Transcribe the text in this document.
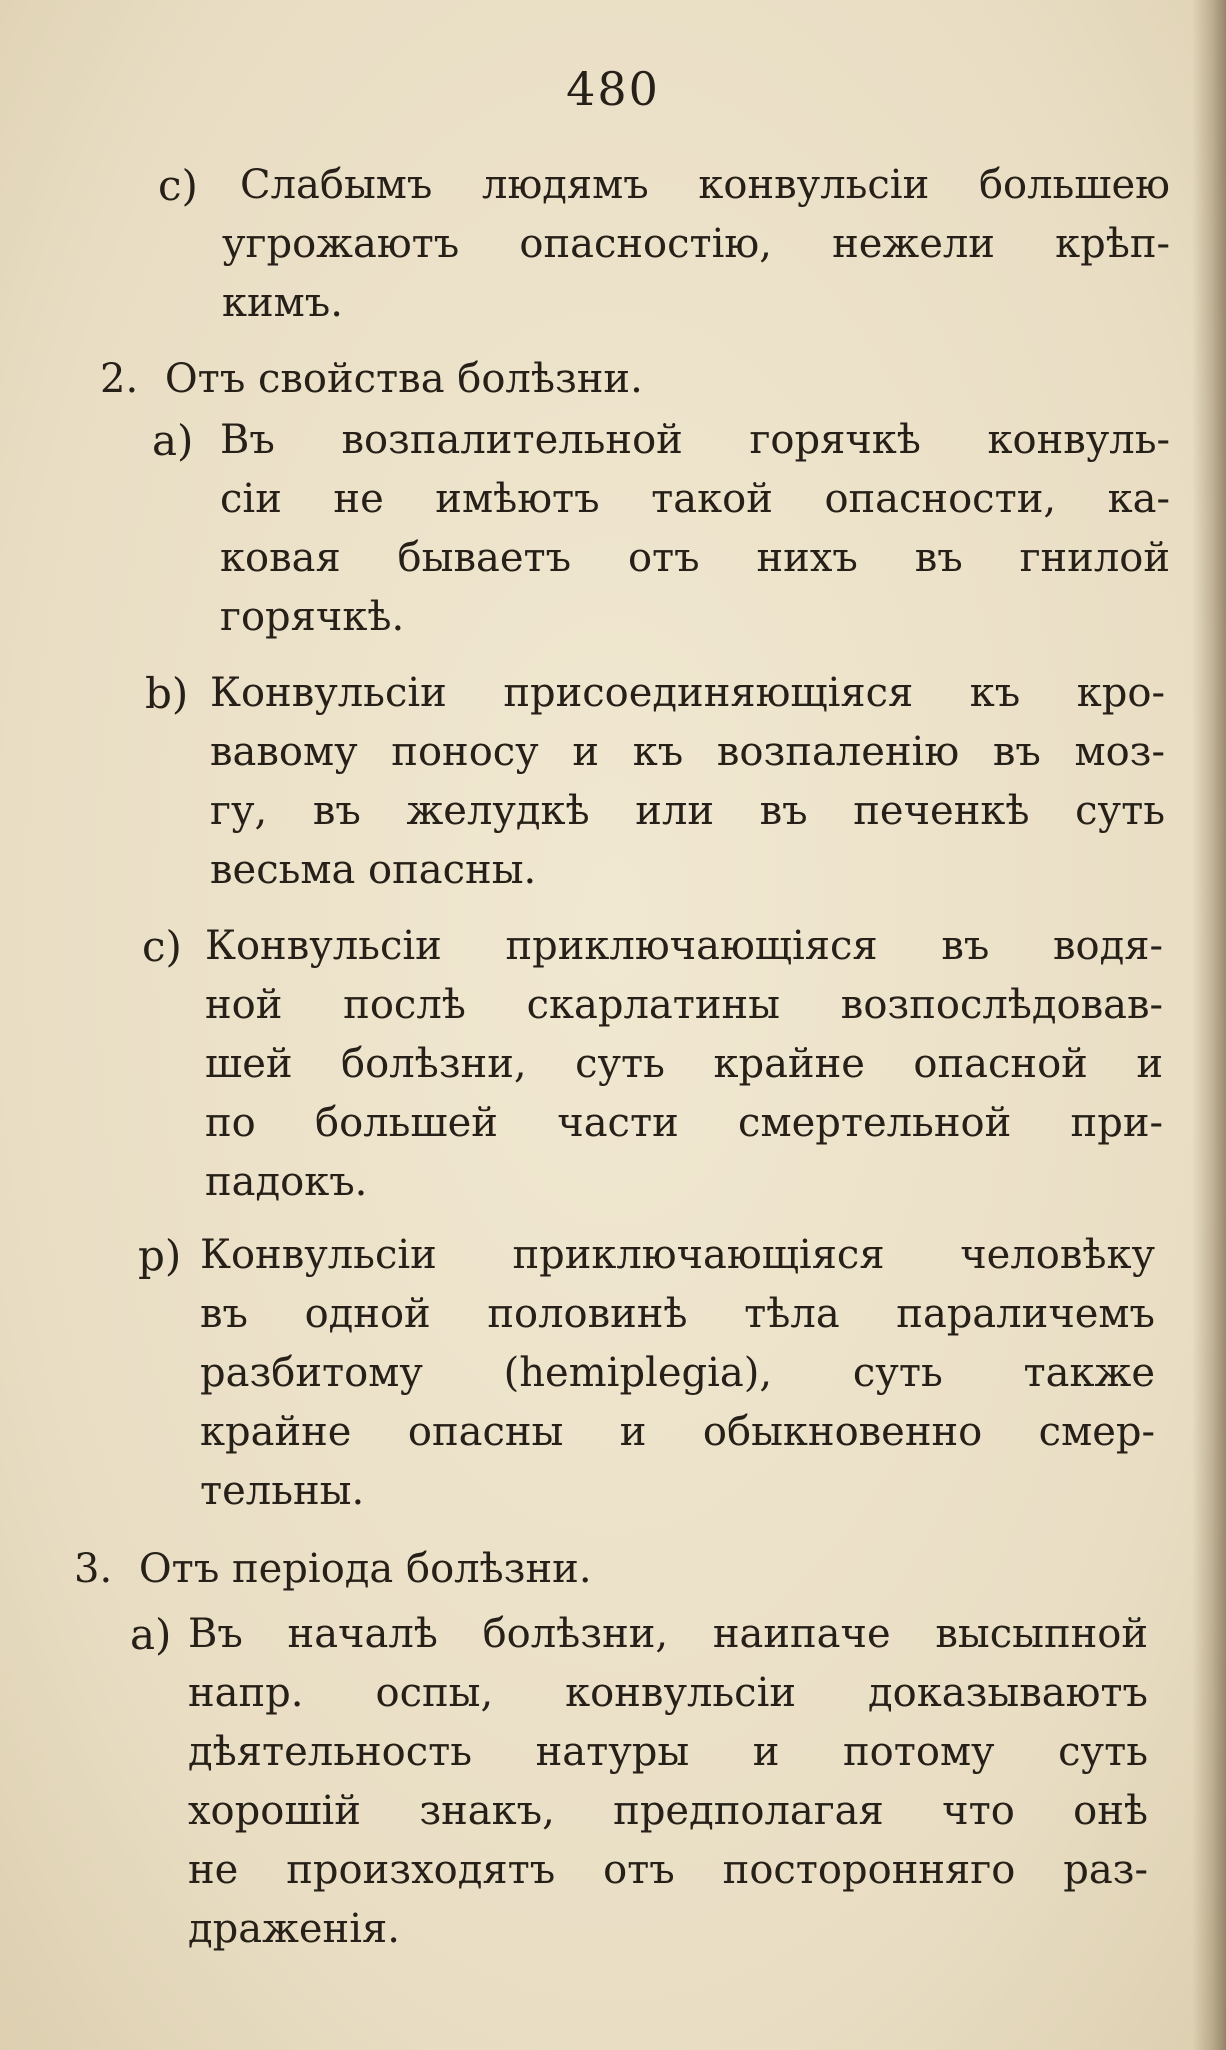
480
c) Слабымъ людямъ конвульсіи большею
угрожаютъ опасностію, нежели крѣп-
кимъ.
2. Отъ свойства болѣзни.
a) Въ возпалительной горячкѣ конвуль-
сіи не имѣютъ такой опасности, ка-
ковая бываетъ отъ нихъ въ гнилой
горячкѣ.
b) Конвульсіи присоединяющіяся къ кро-
вавому поносу и къ возпаленію въ моз-
гу, въ желудкѣ или въ печенкѣ суть
весьма опасны.
c) Конвульсіи приключающіяся въ водя-
ной послѣ скарлатины возпослѣдовав-
шей болѣзни, суть крайне опасной и
по большей части смертельной при-
падокъ.
p) Конвульсіи приключающіяся человѣку
въ одной половинѣ тѣла параличемъ
разбитому (hemiplegia), суть также
крайне опасны и обыкновенно смер-
тельны.
3. Отъ періода болѣзни.
a) Въ началѣ болѣзни, наипаче высыпной
напр. оспы, конвульсіи доказываютъ
дѣятельность натуры и потому суть
хорошій знакъ, предполагая что онѣ
не произходятъ отъ посторонняго раз-
драженія.
